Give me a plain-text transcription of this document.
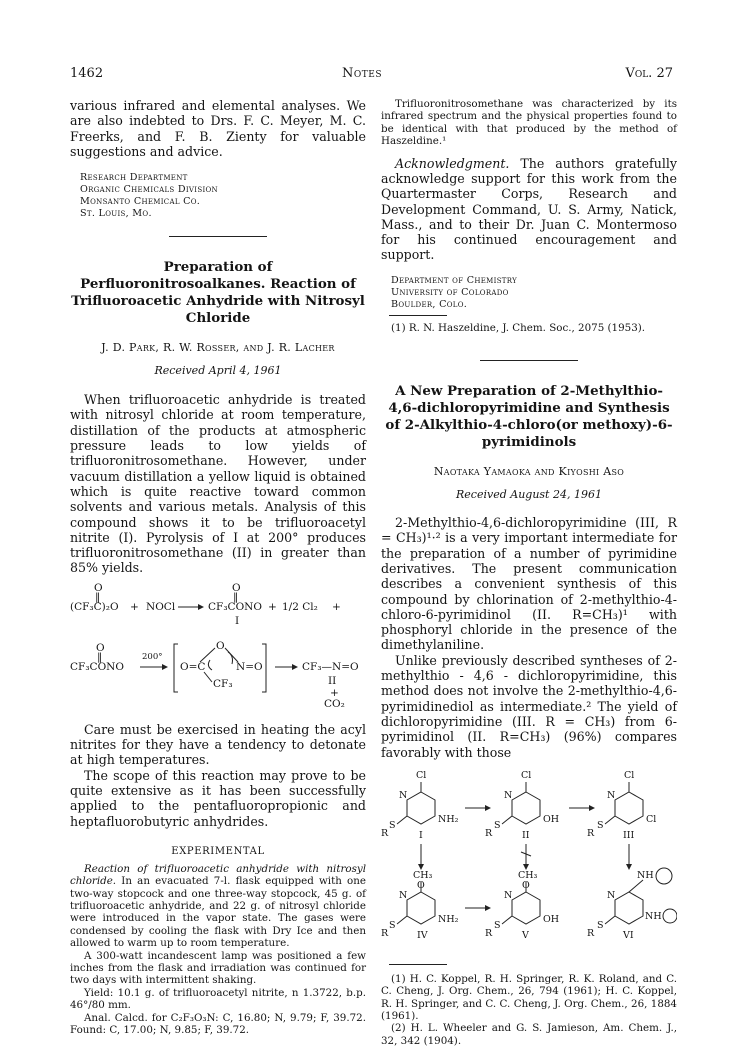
1462	Notes	Vol. 27

various infrared and elemental analyses. We are also indebted to Drs. F. C. Meyer, M. C. Freerks, and F. B. Zienty for valuable suggestions and advice.

Research Department
Organic Chemicals Division
Monsanto Chemical Co.
St. Louis, Mo.

Preparation of Perfluoronitrosoalkanes. Reaction of Trifluoroacetic Anhydride with Nitrosyl Chloride

J. D. Park, R. W. Rosser, and J. R. Lacher

Received April 4, 1961

When trifluoroacetic anhydride is treated with nitrosyl chloride at room temperature, distillation of the products at atmospheric pressure leads to low yields of trifluoronitrosomethane. However, under vacuum distillation a yellow liquid is obtained which is quite reactive toward common solvents and various metals. Analysis of this compound shows it to be trifluoroacetyl nitrite (I). Pyrolysis of I at 200° produces trifluoronitrosomethane (II) in greater than 85% yields.

O
‖
(CF₃C)₂O + NOCl
O
‖
CF₃CONO + 1/2 Cl₂ +
I
O
‖
CF₃CONO
200°
O
O=C	N=O
CF₃
CF₃—N=O
II
+
CO₂

Care must be exercised in heating the acyl nitrites for they have a tendency to detonate at high temperatures.

The scope of this reaction may prove to be quite extensive as it has been successfully applied to the pentafluoropropionic and heptafluorobutyric anhydrides.

EXPERIMENTAL

Reaction of trifluoroacetic anhydride with nitrosyl chloride. In an evacuated 7-l. flask equipped with one two-way stopcock and one three-way stopcock, 45 g. of trifluoroacetic anhydride, and 22 g. of nitrosyl chloride were introduced in the vapor state. The gases were condensed by cooling the flask with Dry Ice and then allowed to warm up to room temperature.

A 300-watt incandescent lamp was positioned a few inches from the flask and irradiation was continued for two days with intermittent shaking.

Yield: 10.1 g. of trifluoroacetyl nitrite, n 1.3722, b.p. 46°/80 mm.

Anal. Calcd. for C₂F₃O₃N: C, 16.80; N, 9.79; F, 39.72. Found: C, 17.00; N, 9.85; F, 39.72.

Trifluoronitrosomethane was characterized by its infrared spectrum and the physical properties found to be identical with that produced by the method of Haszeldine.¹

Acknowledgment. The authors gratefully acknowledge support for this work from the Quartermaster Corps, Research and Development Command, U. S. Army, Natick, Mass., and to their Dr. Juan C. Montermoso for his continued encouragement and support.

Department of Chemistry
University of Colorado
Boulder, Colo.

(1) R. N. Haszeldine, J. Chem. Soc., 2075 (1953).

A New Preparation of 2-Methylthio-4,6-dichloropyrimidine and Synthesis of 2-Alkylthio-4-chloro(or methoxy)-6-pyrimidinols

Naotaka Yamaoka and Kiyoshi Aso

Received August 24, 1961

2-Methylthio-4,6-dichloropyrimidine (III, R = CH₃)¹·² is a very important intermediate for the preparation of a number of pyrimidine derivatives. The present communication describes a convenient synthesis of this compound by chlorination of 2-methylthio-4-chloro-6-pyrimidinol (II. R=CH₃)¹ with phosphoryl chloride in the presence of the dimethylaniline.

Unlike previously described syntheses of 2-methylthio - 4,6 - dichloropyrimidine, this method does not involve the 2-methylthio-4,6-pyrimidinediol as intermediate.² The yield of dichloropyrimidine (III. R = CH₃) from 6-pyrimidinol (II. R=CH₃) (96%) compares favorably with those

Cl	Cl	Cl
N	N	N
S	S	S
R	R	R
NH₂	OH	Cl
I	II	III
CH₃	CH₃
O	O
NH
N	N	N
S	S	S
R	R	R
NH₂	OH	NH
IV	V	VI

(1) H. C. Koppel, R. H. Springer, R. K. Roland, and C. C. Cheng, J. Org. Chem., 26, 794 (1961); H. C. Koppel, R. H. Springer, and C. C. Cheng, J. Org. Chem., 26, 1884 (1961).

(2) H. L. Wheeler and G. S. Jamieson, Am. Chem. J., 32, 342 (1904).
